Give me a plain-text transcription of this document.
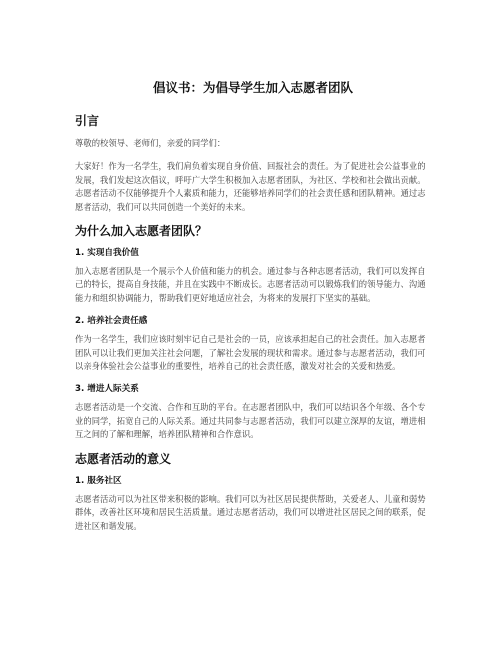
倡议书：为倡导学生加入志愿者团队
引言
尊敬的校领导、老师们，亲爱的同学们：
大家好！作为一名学生，我们肩负着实现自身价值、回报社会的责任。为了促进社会公益事业的发展，我们发起这次倡议，呼吁广大学生积极加入志愿者团队，为社区、学校和社会做出贡献。志愿者活动不仅能够提升个人素质和能力，还能够培养同学们的社会责任感和团队精神。通过志愿者活动，我们可以共同创造一个美好的未来。
为什么加入志愿者团队？
1. 实现自我价值
加入志愿者团队是一个展示个人价值和能力的机会。通过参与各种志愿者活动，我们可以发挥自己的特长，提高自身技能，并且在实践中不断成长。志愿者活动可以锻炼我们的领导能力、沟通能力和组织协调能力，帮助我们更好地适应社会，为将来的发展打下坚实的基础。
2. 培养社会责任感
作为一名学生，我们应该时刻牢记自己是社会的一员，应该承担起自己的社会责任。加入志愿者团队可以让我们更加关注社会问题，了解社会发展的现状和需求。通过参与志愿者活动，我们可以亲身体验社会公益事业的重要性，培养自己的社会责任感，激发对社会的关爱和热爱。
3. 增进人际关系
志愿者活动是一个交流、合作和互助的平台。在志愿者团队中，我们可以结识各个年级、各个专业的同学，拓宽自己的人际关系。通过共同参与志愿者活动，我们可以建立深厚的友谊，增进相互之间的了解和理解，培养团队精神和合作意识。
志愿者活动的意义
1. 服务社区
志愿者活动可以为社区带来积极的影响。我们可以为社区居民提供帮助，关爱老人、儿童和弱势群体，改善社区环境和居民生活质量。通过志愿者活动，我们可以增进社区居民之间的联系，促进社区和谐发展。
